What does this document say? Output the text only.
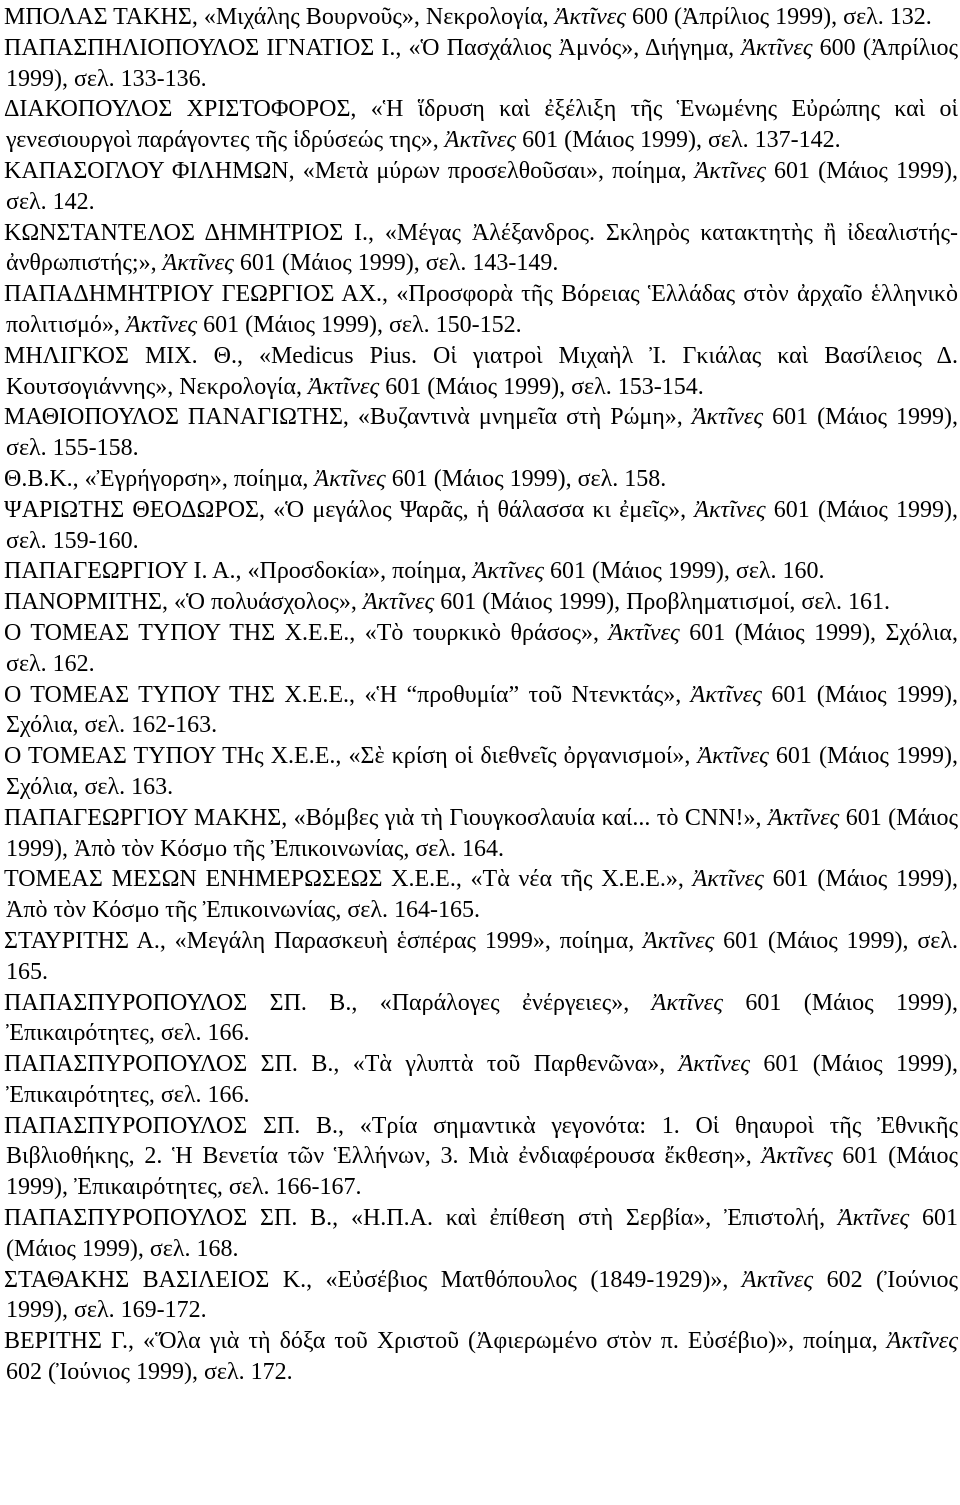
ΜΠΟΛΑΣ ΤΑΚΗΣ, «Μιχάλης Βουρνοῦς», Νεκρολογία, Ἀκτῖνες 600 (Ἀπρίλιος 1999), σελ. 132.

ΠΑΠΑΣΠΗΛΙΟΠΟΥΛΟΣ ΙΓΝΑΤΙΟΣ Ι., «Ὁ Πασχάλιος Ἀμνός», Διήγημα, Ἀκτῖνες 600 (Ἀπρίλιος 1999), σελ. 133-136.

ΔΙΑΚΟΠΟΥΛΟΣ ΧΡΙΣΤΟΦΟΡΟΣ, «Ἡ ἵδρυση καὶ ἐξέλιξη τῆς Ἑνωμένης Εὐρώπης καὶ οἱ γενεσιουργοὶ παράγοντες τῆς ἱδρύσεώς της», Ἀκτῖνες 601 (Μάιος 1999), σελ. 137-142.

ΚΑΠΑΣΟΓΛΟΥ ΦΙΛΗΜΩΝ, «Μετὰ μύρων προσελθοῦσαι», ποίημα, Ἀκτῖνες 601 (Μάιος 1999), σελ. 142.

ΚΩΝΣΤΑΝΤΕΛΟΣ ΔΗΜΗΤΡΙΟΣ Ι., «Μέγας Ἀλέξανδρος. Σκληρὸς κατακτητὴς ἢ ἰδεαλιστής-ἀνθρωπιστής;», Ἀκτῖνες 601 (Μάιος 1999), σελ. 143-149.

ΠΑΠΑΔΗΜΗΤΡΙΟΥ ΓΕΩΡΓΙΟΣ ΑΧ., «Προσφορὰ τῆς Βόρειας Ἑλλάδας στὸν ἀρχαῖο ἑλληνικὸ πολιτισμό», Ἀκτῖνες 601 (Μάιος 1999), σελ. 150-152.

ΜΗΛΙΓΚΟΣ ΜΙΧ. Θ., «Medicus Pius. Οἱ γιατροὶ Μιχαὴλ Ἰ. Γκιάλας καὶ Βασίλειος Δ. Κουτσογιάννης», Νεκρολογία, Ἀκτῖνες 601 (Μάιος 1999), σελ. 153-154.

ΜΑΘΙΟΠΟΥΛΟΣ ΠΑΝΑΓΙΩΤΗΣ, «Βυζαντινὰ μνημεῖα στὴ Ρώμη», Ἀκτῖνες 601 (Μάιος 1999), σελ. 155-158.

Θ.Β.Κ., «Ἐγρήγορση», ποίημα, Ἀκτῖνες 601 (Μάιος 1999), σελ. 158.

ΨΑΡΙΩΤΗΣ ΘΕΟΔΩΡΟΣ, «Ὁ μεγάλος Ψαρᾶς, ἡ θάλασσα κι ἐμεῖς», Ἀκτῖνες 601 (Μάιος 1999), σελ. 159-160.

ΠΑΠΑΓΕΩΡΓΙΟΥ Ι. Α., «Προσδοκία», ποίημα, Ἀκτῖνες 601 (Μάιος 1999), σελ. 160.

ΠΑΝΟΡΜΙΤΗΣ, «Ὁ πολυάσχολος», Ἀκτῖνες 601 (Μάιος 1999), Προβληματισμοί, σελ. 161.

Ο ΤΟΜΕΑΣ ΤΥΠΟΥ ΤΗΣ Χ.Ε.Ε., «Τὸ τουρκικὸ θράσος», Ἀκτῖνες 601 (Μάιος 1999), Σχόλια, σελ. 162.

Ο ΤΟΜΕΑΣ ΤΥΠΟΥ ΤΗΣ Χ.Ε.Ε., «Ἡ “προθυμία” τοῦ Ντενκτάς», Ἀκτῖνες 601 (Μάιος 1999), Σχόλια, σελ. 162-163.

Ο ΤΟΜΕΑΣ ΤΥΠΟΥ ΤΗς Χ.Ε.Ε., «Σὲ κρίση οἱ διεθνεῖς ὀργανισμοί», Ἀκτῖνες 601 (Μάιος 1999), Σχόλια, σελ. 163.

ΠΑΠΑΓΕΩΡΓΙΟΥ ΜΑΚΗΣ, «Βόμβες γιὰ τὴ Γιουγκοσλαυία καί... τὸ CNN!», Ἀκτῖνες 601 (Μάιος 1999), Ἀπὸ τὸν Κόσμο τῆς Ἐπικοινωνίας, σελ. 164.

ΤΟΜΕΑΣ ΜΕΣΩΝ ΕΝΗΜΕΡΩΣΕΩΣ Χ.Ε.Ε., «Τὰ νέα τῆς Χ.Ε.Ε.», Ἀκτῖνες 601 (Μάιος 1999), Ἀπὸ τὸν Κόσμο τῆς Ἐπικοινωνίας, σελ. 164-165.

ΣΤΑΥΡΙΤΗΣ Α., «Μεγάλη Παρασκευὴ ἑσπέρας 1999», ποίημα, Ἀκτῖνες 601 (Μάιος 1999), σελ. 165.

ΠΑΠΑΣΠΥΡΟΠΟΥΛΟΣ ΣΠ. Β., «Παράλογες ἐνέργειες», Ἀκτῖνες 601 (Μάιος 1999), Ἐπικαιρότητες, σελ. 166.

ΠΑΠΑΣΠΥΡΟΠΟΥΛΟΣ ΣΠ. Β., «Τὰ γλυπτὰ τοῦ Παρθενῶνα», Ἀκτῖνες 601 (Μάιος 1999), Ἐπικαιρότητες, σελ. 166.

ΠΑΠΑΣΠΥΡΟΠΟΥΛΟΣ ΣΠ. Β., «Τρία σημαντικὰ γεγονότα: 1. Οἱ θηαυροὶ τῆς Ἐθνικῆς Βιβλιοθήκης, 2. Ἡ Βενετία τῶν Ἑλλήνων, 3. Μιὰ ἐνδιαφέρουσα ἔκθεση», Ἀκτῖνες 601 (Μάιος 1999), Ἐπικαιρότητες, σελ. 166-167.

ΠΑΠΑΣΠΥΡΟΠΟΥΛΟΣ ΣΠ. Β., «Η.Π.Α. καὶ ἐπίθεση στὴ Σερβία», Ἐπιστολή, Ἀκτῖνες 601 (Μάιος 1999), σελ. 168.

ΣΤΑΘΑΚΗΣ ΒΑΣΙΛΕΙΟΣ Κ., «Εὐσέβιος Ματθόπουλος (1849-1929)», Ἀκτῖνες 602 (Ἰούνιος 1999), σελ. 169-172.

ΒΕΡΙΤΗΣ Γ., «Ὅλα γιὰ τὴ δόξα τοῦ Χριστοῦ (Ἀφιερωμένο στὸν π. Εὐσέβιο)», ποίημα, Ἀκτῖνες 602 (Ἰούνιος 1999), σελ. 172.
